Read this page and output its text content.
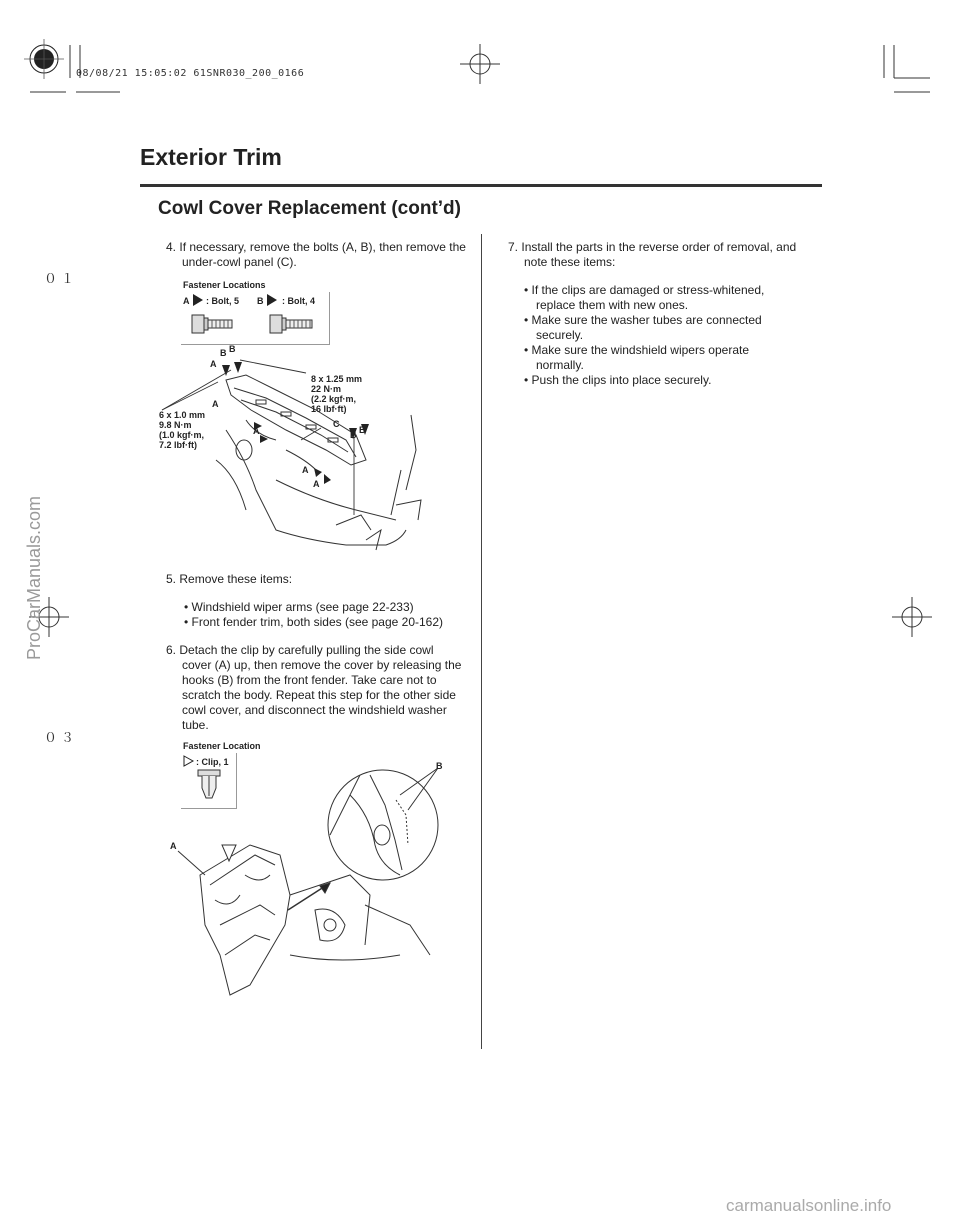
08/08/21 15:05:02 61SNR030_200_0166
Exterior Trim
Cowl Cover Replacement (cont’d)
０１
０３

4. If necessary, remove the bolts (A, B), then remove the under-cowl panel (C).

Fastener Locations
A : Bolt, 5 B : Bolt, 4
B B
A
A
A
C
B B
A
A
8 x 1.25 mm
22 N·m
(2.2 kgf·m,
16 lbf·ft)
6 x 1.0 mm
9.8 N·m
(1.0 kgf·m,
7.2 lbf·ft)

5. Remove these items:

• Windshield wiper arms (see page 22-233)

• Front fender trim, both sides (see page 20-162)

6. Detach the clip by carefully pulling the side cowl cover (A) up, then remove the cover by releasing the hooks (B) from the front fender. Take care not to scratch the body. Repeat this step for the other side cowl cover, and disconnect the windshield washer tube.

Fastener Location
: Clip, 1
A
B

7. Install the parts in the reverse order of removal, and note these items:

• If the clips are damaged or stress-whitened, replace them with new ones.

• Make sure the washer tubes are connected securely.

• Make sure the windshield wipers operate normally.

• Push the clips into place securely.

ProCarManuals.com
carmanualsonline.info
